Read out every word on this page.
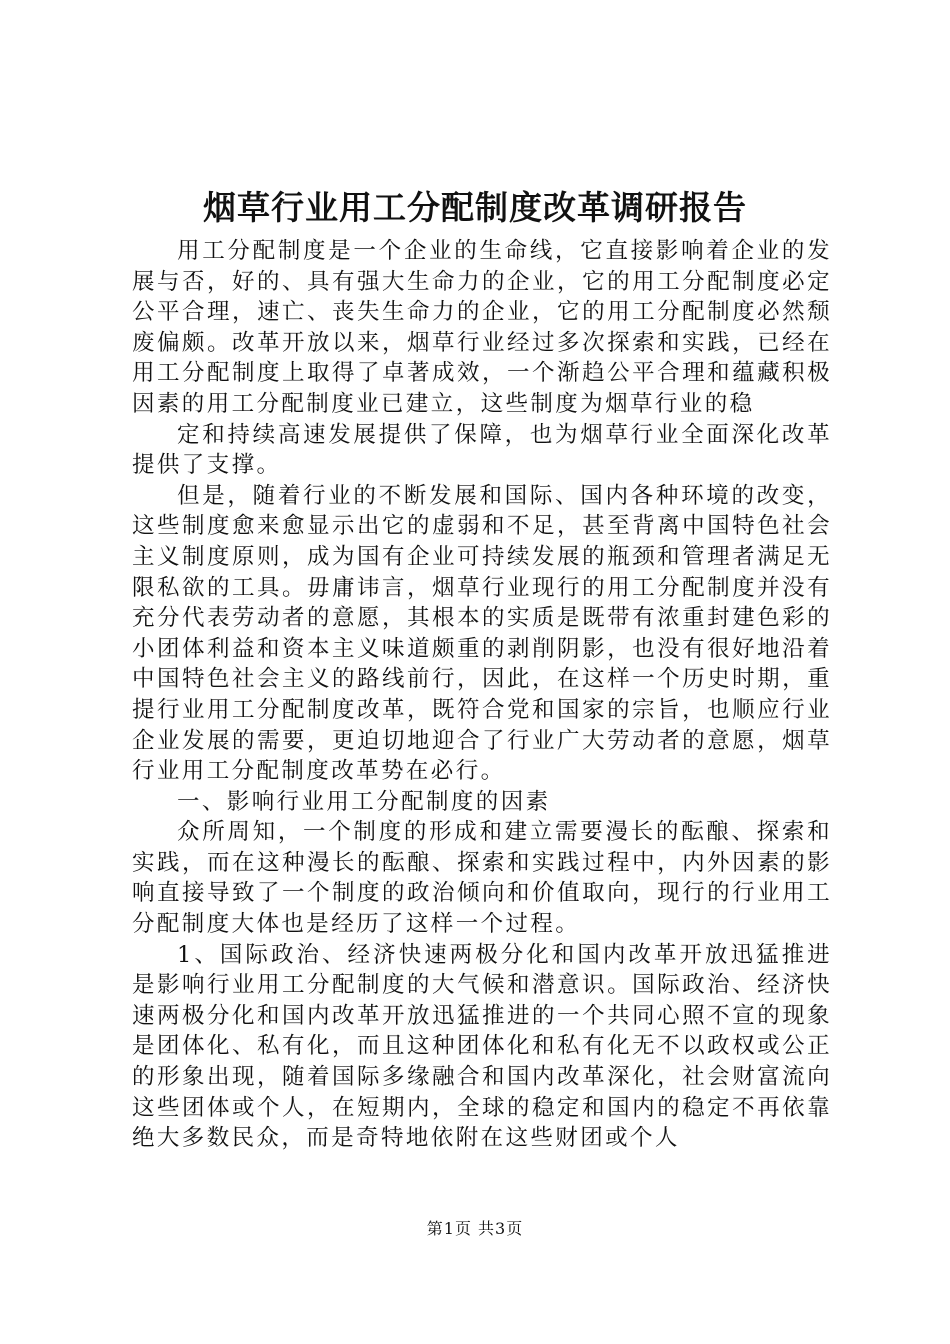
烟草行业用工分配制度改革调研报告

用工分配制度是一个企业的生命线，它直接影响着企业的发展与否，好的、具有强大生命力的企业，它的用工分配制度必定公平合理，速亡、丧失生命力的企业，它的用工分配制度必然颓废偏颇。改革开放以来，烟草行业经过多次探索和实践，已经在用工分配制度上取得了卓著成效，一个渐趋公平合理和蕴藏积极因素的用工分配制度业已建立，这些制度为烟草行业的稳

定和持续高速发展提供了保障，也为烟草行业全面深化改革提供了支撑。

但是，随着行业的不断发展和国际、国内各种环境的改变，这些制度愈来愈显示出它的虚弱和不足，甚至背离中国特色社会主义制度原则，成为国有企业可持续发展的瓶颈和管理者满足无限私欲的工具。毋庸讳言，烟草行业现行的用工分配制度并没有充分代表劳动者的意愿，其根本的实质是既带有浓重封建色彩的小团体利益和资本主义味道颇重的剥削阴影，也没有很好地沿着中国特色社会主义的路线前行，因此，在这样一个历史时期，重提行业用工分配制度改革，既符合党和国家的宗旨，也顺应行业企业发展的需要，更迫切地迎合了行业广大劳动者的意愿，烟草行业用工分配制度改革势在必行。

一、影响行业用工分配制度的因素

众所周知，一个制度的形成和建立需要漫长的酝酿、探索和实践，而在这种漫长的酝酿、探索和实践过程中，内外因素的影响直接导致了一个制度的政治倾向和价值取向，现行的行业用工分配制度大体也是经历了这样一个过程。

1、国际政治、经济快速两极分化和国内改革开放迅猛推进是影响行业用工分配制度的大气候和潜意识。国际政治、经济快速两极分化和国内改革开放迅猛推进的一个共同心照不宣的现象是团体化、私有化，而且这种团体化和私有化无不以政权或公正的形象出现，随着国际多缘融合和国内改革深化，社会财富流向这些团体或个人，在短期内，全球的稳定和国内的稳定不再依靠绝大多数民众，而是奇特地依附在这些财团或个人

第1页 共3页
